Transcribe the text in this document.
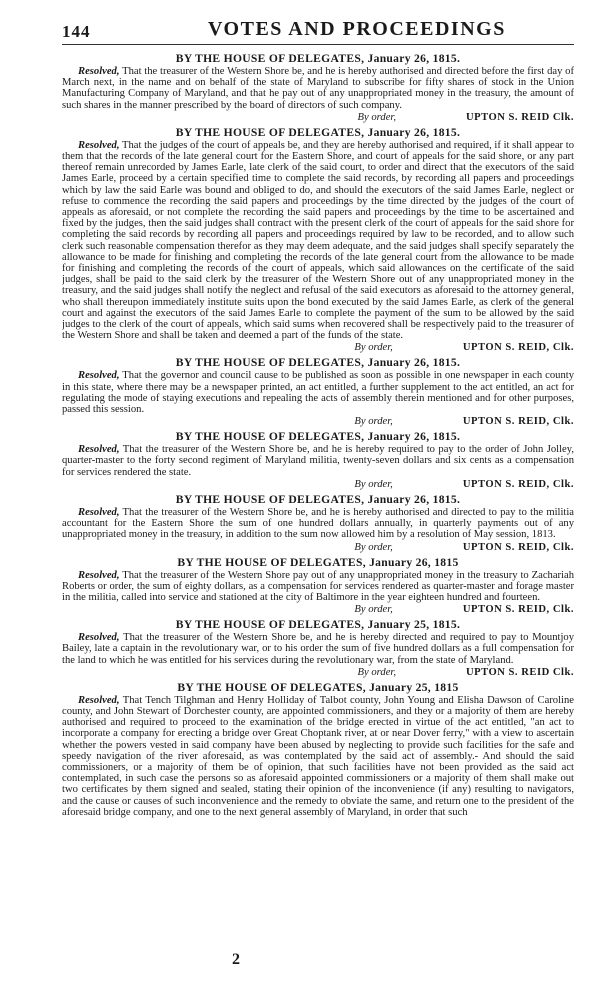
144	VOTES AND PROCEEDINGS
BY THE HOUSE OF DELEGATES, January 26, 1815.

Resolved, That the treasurer of the Western Shore be, and he is hereby authorised and directed before the first day of March next, in the name and on behalf of the state of Maryland to subscribe for fifty shares of stock in the Union Manufacturing Company of Maryland, and that he pay out of any unappropriated money in the treasury, the amount of such shares in the manner prescribed by the board of directors of such company.

By order,	UPTON S. REID Clk.
BY THE HOUSE OF DELEGATES, January 26, 1815.

Resolved, That the judges of the court of appeals be, and they are hereby authorised and required, if it shall appear to them that the records of the late general court for the Eastern Shore, and court of appeals for the said shore, or any part thereof remain unrecorded by James Earle, late clerk of the said court, to order and direct that the executors of the said James Earle, proceed by a certain specified time to complete the said records, by recording all papers and proceedings which by law the said Earle was bound and obliged to do, and should the executors of the said James Earle, neglect or refuse to commence the recording the said papers and proceedings by the time directed by the judges of the court of appeals as aforesaid, or not complete the recording the said papers and proceedings by the time to be ascertained and fixed by the judges, then the said judges shall contract with the present clerk of the court of appeals for the said shore for completing the said records by recording all papers and proceedings required by law to be recorded, and to allow such clerk such reasonable compensation therefor as they may deem adequate, and the said judges shall specify separately the allowance to be made for finishing and completing the records of the late general court from the allowance to be made for finishing and completing the records of the court of appeals, which said allowances on the certificate of the said judges, shall be paid to the said clerk by the treasurer of the Western Shore out of any unappropriated money in the treasury, and the said judges shall notify the neglect and refusal of the said executors as aforesaid to the attorney general, who shall thereupon immediately institute suits upon the bond executed by the said James Earle, as clerk of the general court and against the executors of the said James Earle to complete the payment of the sum to be allowed by the said judges to the clerk of the court of appeals, which said sums when recovered shall be respectively paid to the treasurer of the Western Shore and shall be taken and deemed a part of the funds of the state.

By order,	UPTON S. REID, Clk.
BY THE HOUSE OF DELEGATES, January 26, 1815.

Resolved, That the governor and council cause to be published as soon as possible in one newspaper in each county in this state, where there may be a newspaper printed, an act entitled, a further supplement to the act entitled, an act for regulating the mode of staying executions and repealing the acts of assembly therein mentioned and for other purposes, passed this session.

By order,	UPTON S. REID, Clk.
BY THE HOUSE OF DELEGATES, January 26, 1815.

Resolved, That the treasurer of the Western Shore be, and he is hereby required to pay to the order of John Jolley, quarter-master to the forty second regiment of Maryland militia, twenty-seven dollars and six cents as a compensation for services rendered the state.

By order,	UPTON S. REID, Clk.
BY THE HOUSE OF DELEGATES, January 26, 1815.

Resolved, That the treasurer of the Western Shore be, and he is hereby authorised and directed to pay to the militia accountant for the Eastern Shore the sum of one hundred dollars annually, in quarterly payments out of any unappropriated money in the treasury, in addition to the sum now allowed him by a resolution of May session, 1813.

By order,	UPTON S. REID, Clk.
BY THE HOUSE OF DELEGATES, January 26, 1815

Resolved, That the treasurer of the Western Shore pay out of any unappropriated money in the treasury to Zachariah Roberts or order, the sum of eighty dollars, as a compensation for services rendered as quarter-master and forage master in the militia, called into service and stationed at the city of Baltimore in the year eighteen hundred and fourteen.

By order,	UPTON S. REID, Clk.
BY THE HOUSE OF DELEGATES, January 25, 1815.

Resolved, That the treasurer of the Western Shore be, and he is hereby directed and required to pay to Mountjoy Bailey, late a captain in the revolutionary war, or to his order the sum of five hundred dollars as a full compensation for the land to which he was entitled for his services during the revolutionary war, from the state of Maryland.

By order,	UPTON S. REID Clk.
BY THE HOUSE OF DELEGATES, January 25, 1815

Resolved, That Tench Tilghman and Henry Holliday of Talbot county, John Young and Elisha Dawson of Caroline county, and John Stewart of Dorchester county, are appointed commissioners, and they or a majority of them are hereby authorised and required to proceed to the examination of the bridge erected in virtue of the act entitled, "an act to incorporate a company for erecting a bridge over Great Choptank river, at or near Dover ferry," with a view to ascertain whether the powers vested in said company have been abused by neglecting to provide such facilities for the safe and speedy navigation of the river aforesaid, as was contemplated by the said act of assembly.- And should the said commissioners, or a majority of them be of opinion, that such facilities have not been provided as the said act contemplated, in such case the persons so as aforesaid appointed commissioners or a majority of them shall make out two certificates by them signed and sealed, stating their opinion of the inconvenience (if any) resulting to navigators, and the cause or causes of such inconvenience and the remedy to obviate the same, and return one to the president of the aforesaid bridge company, and one to the next general assembly of Maryland, in order that such

2
